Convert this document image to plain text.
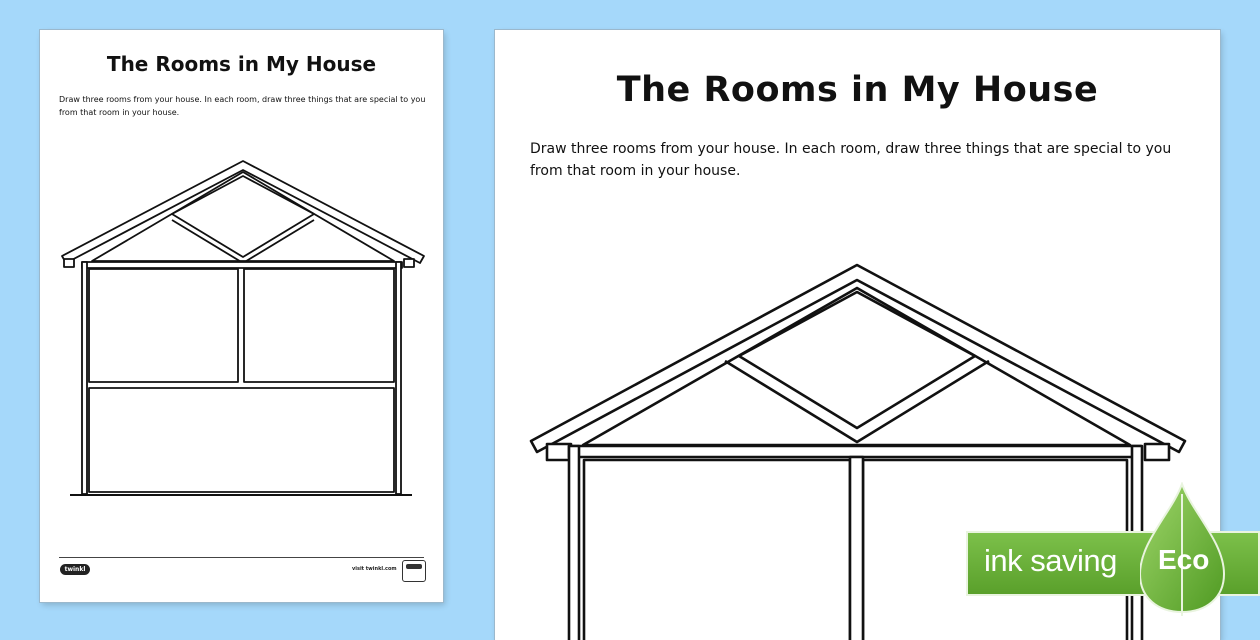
The Rooms in My House

Draw three rooms from your house. In each room, draw three things that are special to you from that room in your house.

twinkl	visit twinkl.com
The Rooms in My House

Draw three rooms from your house. In each room, draw three things that are special to you from that room in your house.

ink saving Eco
